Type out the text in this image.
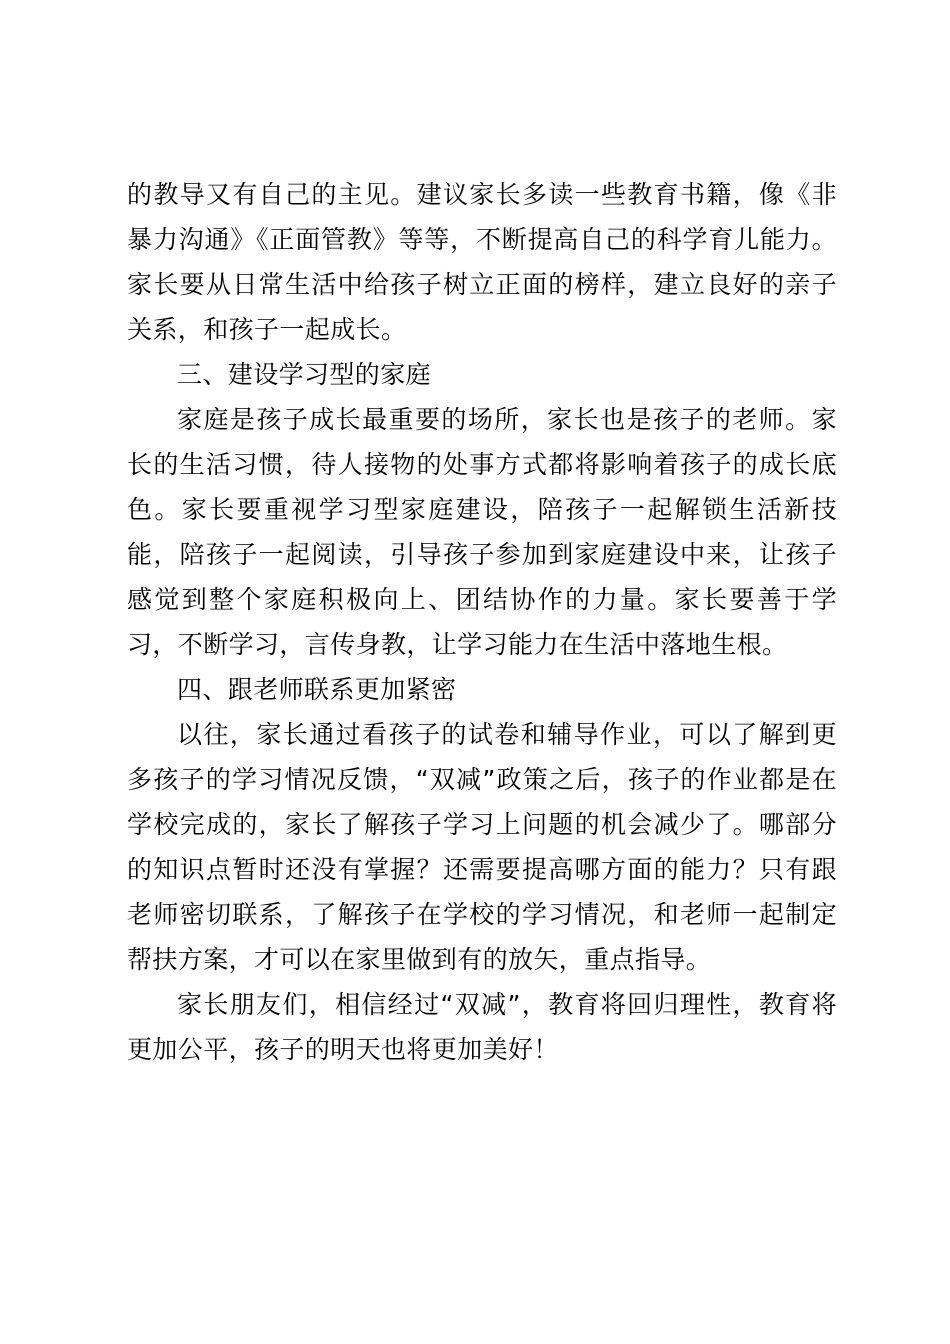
的教导又有自己的主见。建议家长多读一些教育书籍，像《非暴力沟通》《正面管教》等等，不断提高自己的科学育儿能力。家长要从日常生活中给孩子树立正面的榜样，建立良好的亲子关系，和孩子一起成长。

三、建设学习型的家庭

家庭是孩子成长最重要的场所，家长也是孩子的老师。家长的生活习惯，待人接物的处事方式都将影响着孩子的成长底色。家长要重视学习型家庭建设，陪孩子一起解锁生活新技能，陪孩子一起阅读，引导孩子参加到家庭建设中来，让孩子感觉到整个家庭积极向上、团结协作的力量。家长要善于学习，不断学习，言传身教，让学习能力在生活中落地生根。

四、跟老师联系更加紧密

以往，家长通过看孩子的试卷和辅导作业，可以了解到更多孩子的学习情况反馈，“双减”政策之后，孩子的作业都是在学校完成的，家长了解孩子学习上问题的机会减少了。哪部分的知识点暂时还没有掌握？还需要提高哪方面的能力？只有跟老师密切联系，了解孩子在学校的学习情况，和老师一起制定帮扶方案，才可以在家里做到有的放矢，重点指导。

家长朋友们，相信经过“双减”，教育将回归理性，教育将更加公平，孩子的明天也将更加美好！
